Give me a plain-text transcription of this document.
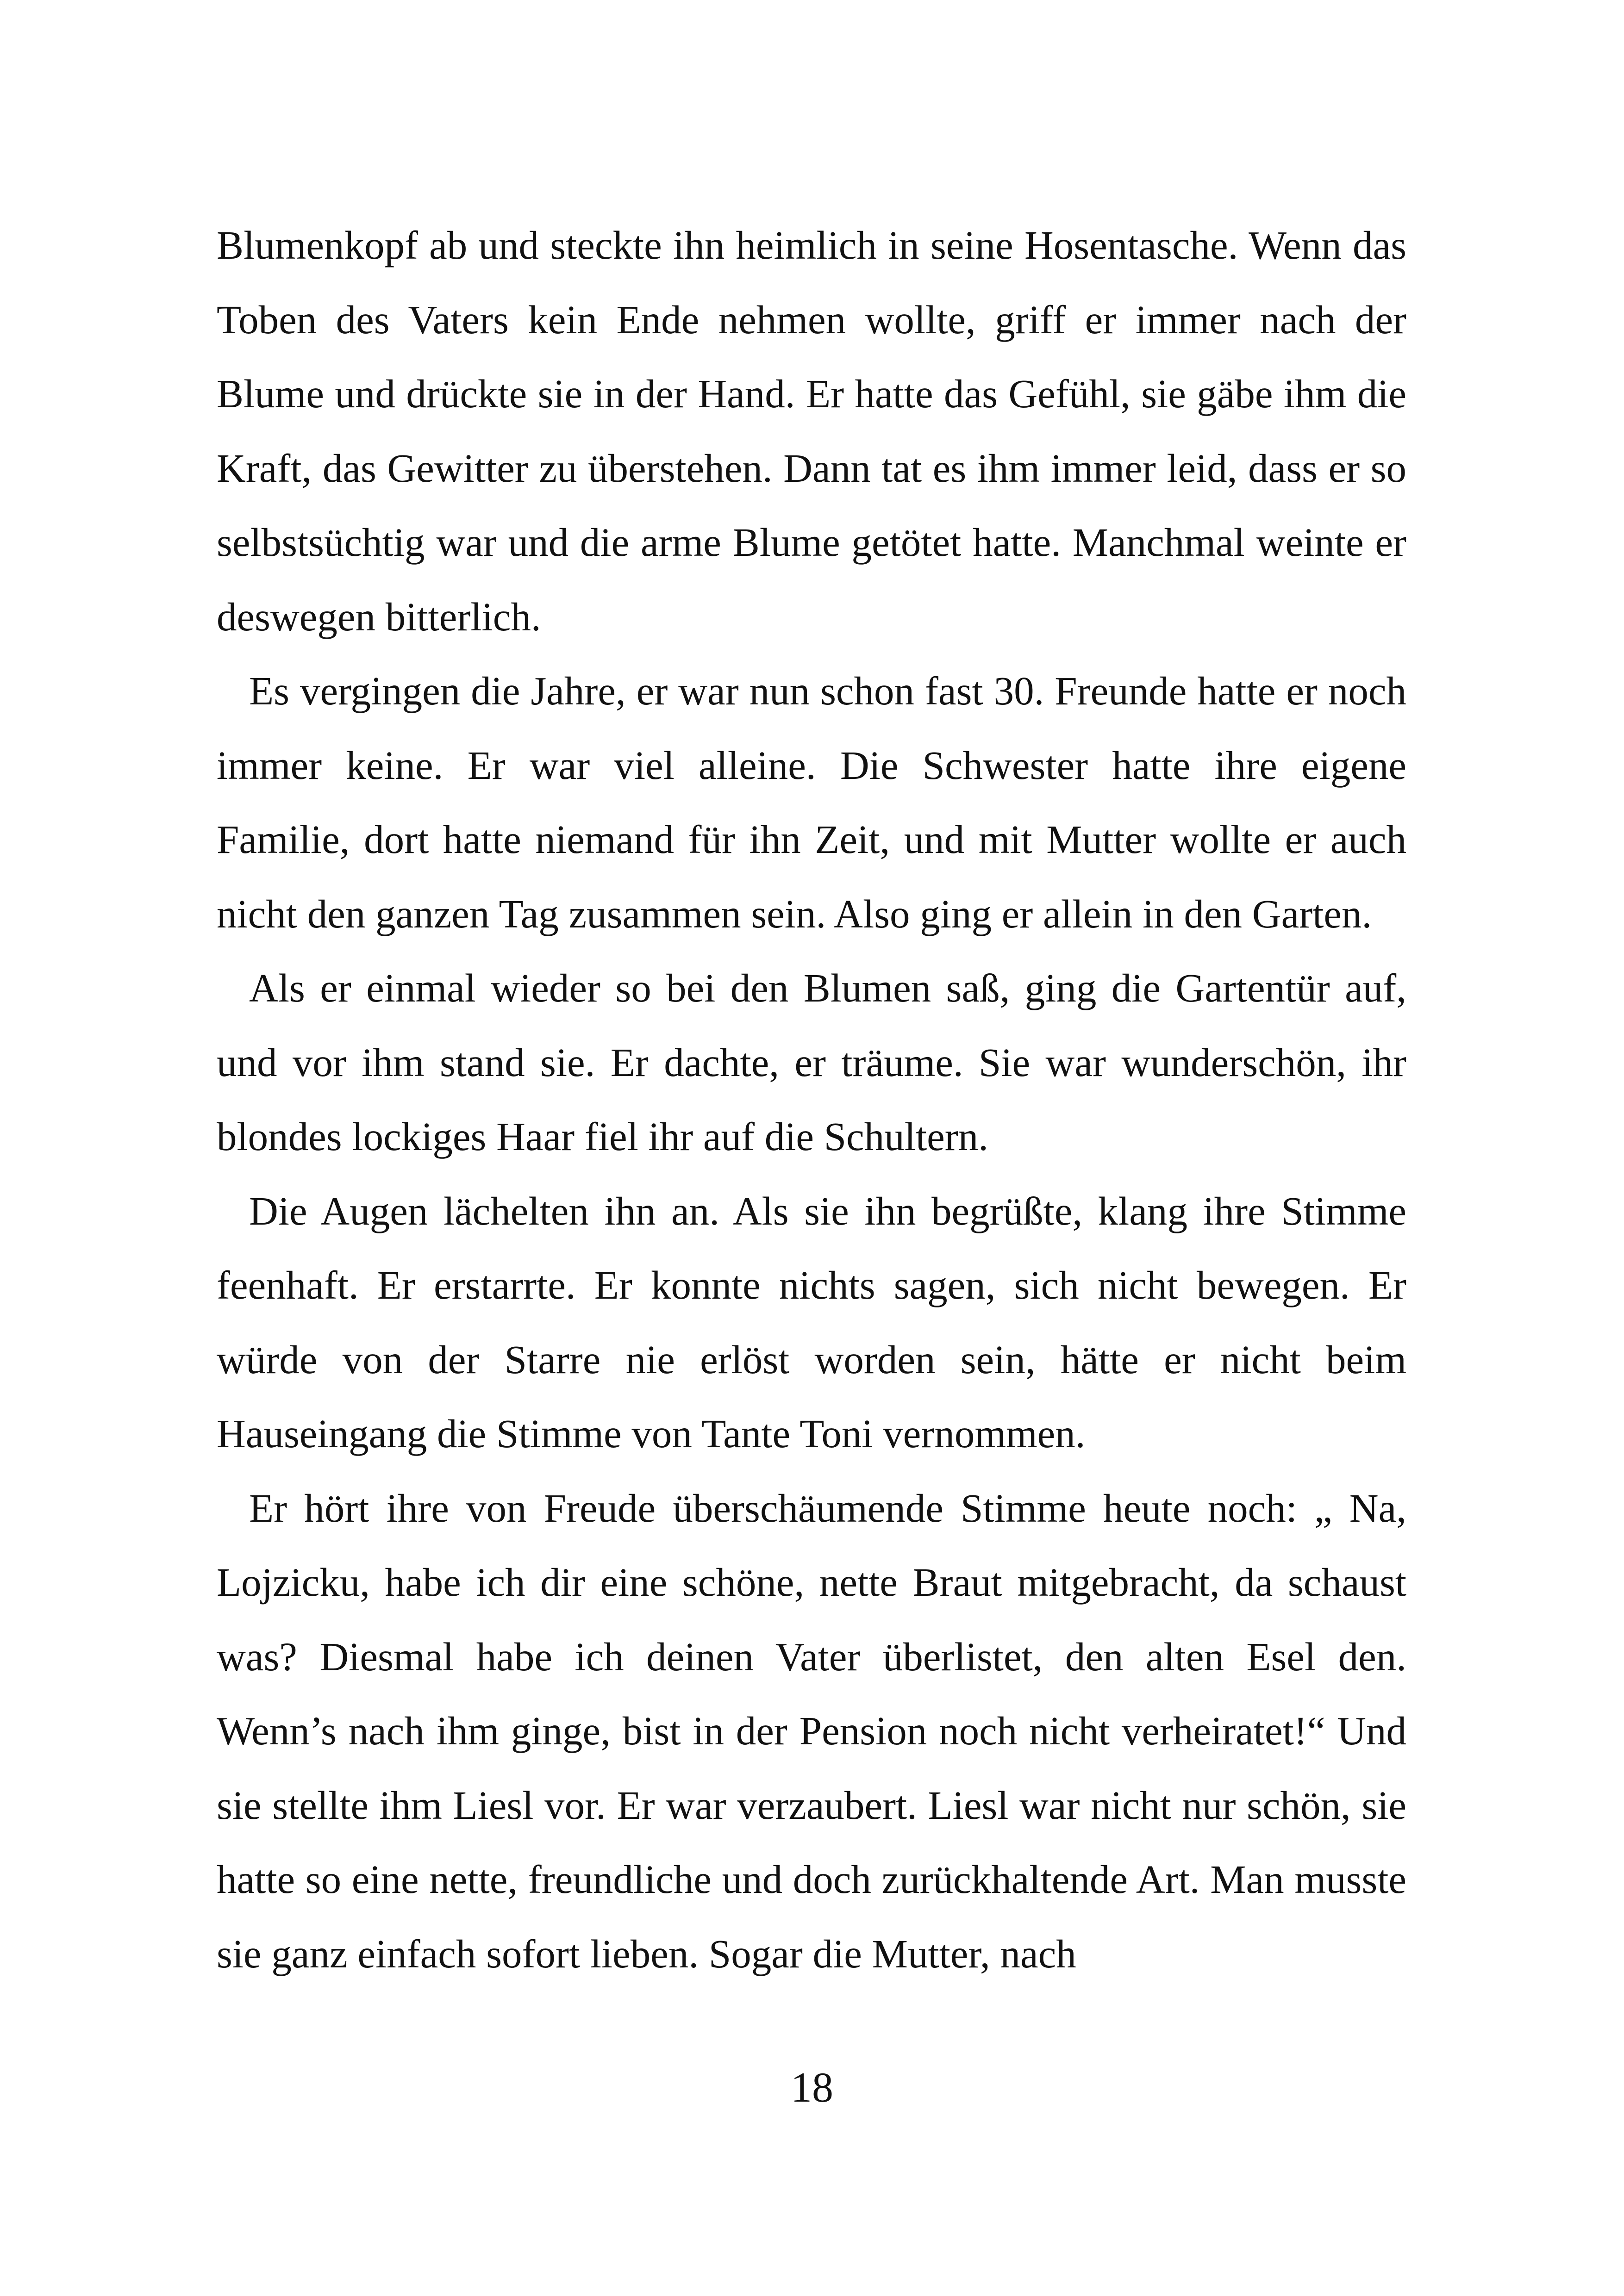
Blumenkopf ab und steckte ihn heimlich in seine Hosentasche. Wenn das Toben des Vaters kein Ende nehmen wollte, griff er immer nach der Blume und drückte sie in der Hand. Er hatte das Gefühl, sie gäbe ihm die Kraft, das Gewitter zu überstehen. Dann tat es ihm immer leid, dass er so selbstsüchtig war und die arme Blume getötet hatte. Manchmal weinte er deswegen bitterlich.

Es vergingen die Jahre, er war nun schon fast 30. Freunde hatte er noch immer keine. Er war viel alleine. Die Schwester hatte ihre eigene Familie, dort hatte niemand für ihn Zeit, und mit Mutter wollte er auch nicht den ganzen Tag zusammen sein. Also ging er allein in den Garten.

Als er einmal wieder so bei den Blumen saß, ging die Gartentür auf, und vor ihm stand sie. Er dachte, er träume. Sie war wunderschön, ihr blondes lockiges Haar fiel ihr auf die Schultern.

Die Augen lächelten ihn an. Als sie ihn begrüßte, klang ihre Stimme feenhaft. Er erstarrte. Er konnte nichts sagen, sich nicht bewegen. Er würde von der Starre nie erlöst worden sein, hätte er nicht beim Hauseingang die Stimme von Tante Toni vernommen.

Er hört ihre von Freude überschäumende Stimme heute noch: „ Na, Lojzicku, habe ich dir eine schöne, nette Braut mitgebracht, da schaust was? Diesmal habe ich deinen Vater überlistet, den alten Esel den. Wenn’s nach ihm ginge, bist in der Pension noch nicht verheiratet!“ Und sie stellte ihm Liesl vor. Er war verzaubert. Liesl war nicht nur schön, sie hatte so eine nette, freundliche und doch zurückhaltende Art. Man musste sie ganz einfach sofort lieben. Sogar die Mutter, nach

18
